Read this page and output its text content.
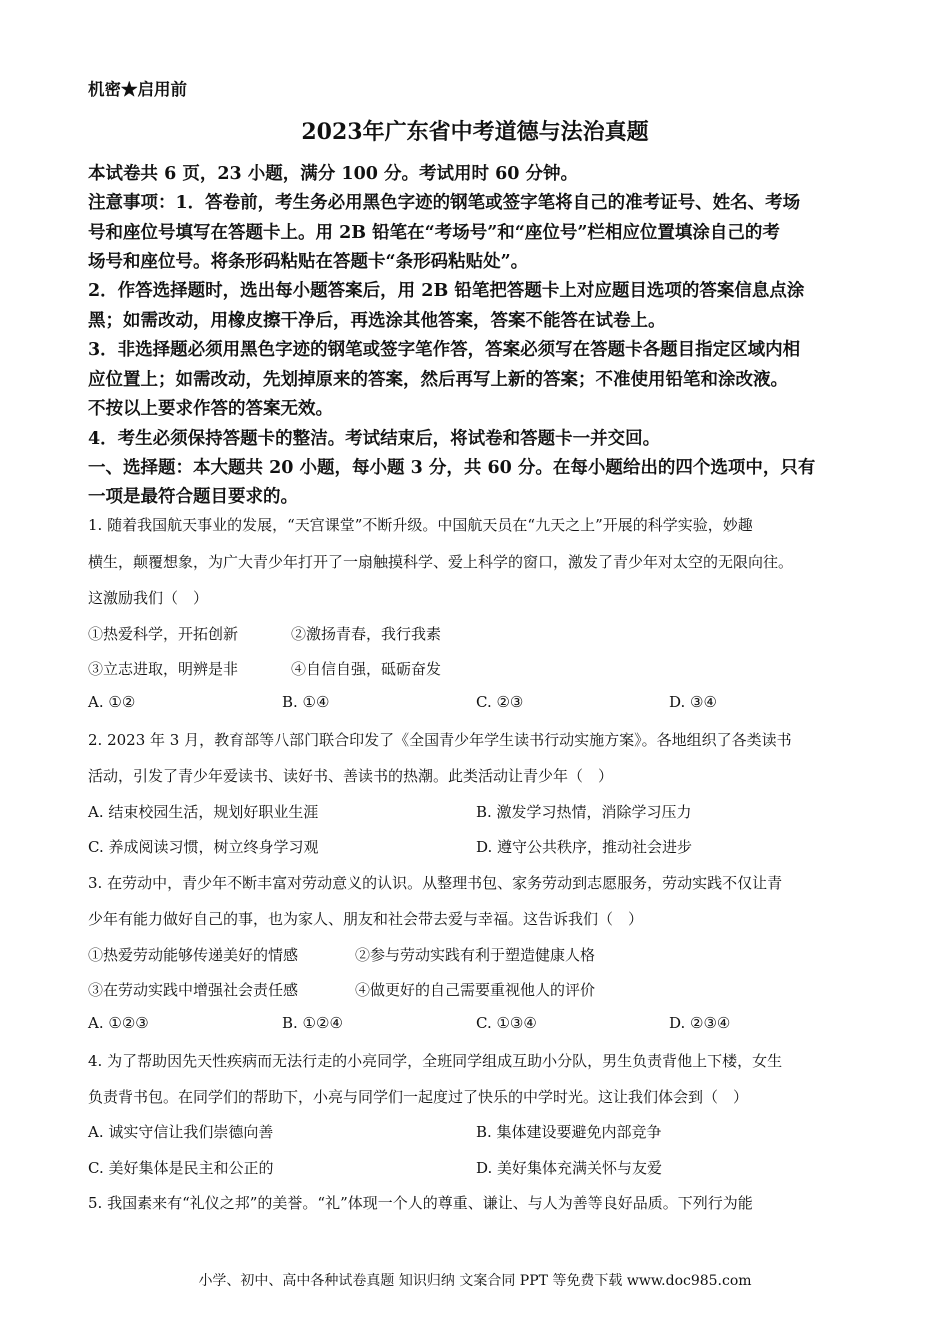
机密★启用前
2023年广东省中考道德与法治真题
本试卷共 6 页，23 小题，满分 100 分。考试用时 60 分钟。
注意事项：1．答卷前，考生务必用黑色字迹的钢笔或签字笔将自己的准考证号、姓名、考场
号和座位号填写在答题卡上。用 2B 铅笔在“考场号”和“座位号”栏相应位置填涂自己的考
场号和座位号。将条形码粘贴在答题卡“条形码粘贴处”。
2．作答选择题时，选出每小题答案后，用 2B 铅笔把答题卡上对应题目选项的答案信息点涂
黑；如需改动，用橡皮擦干净后，再选涂其他答案，答案不能答在试卷上。
3．非选择题必须用黑色字迹的钢笔或签字笔作答，答案必须写在答题卡各题目指定区域内相
应位置上；如需改动，先划掉原来的答案，然后再写上新的答案；不准使用铅笔和涂改液。
不按以上要求作答的答案无效。
4．考生必须保持答题卡的整洁。考试结束后，将试卷和答题卡一并交回。
一、选择题：本大题共 20 小题，每小题 3 分，共 60 分。在每小题给出的四个选项中，只有
一项是最符合题目要求的。
1. 随着我国航天事业的发展，“天宫课堂”不断升级。中国航天员在“九天之上”开展的科学实验，妙趣
横生，颠覆想象，为广大青少年打开了一扇触摸科学、爱上科学的窗口，激发了青少年对太空的无限向往。
这激励我们（　）
①热爱科学，开拓创新	②激扬青春，我行我素
③立志进取，明辨是非	④自信自强，砥砺奋发
A. ①②	B. ①④	C. ②③	D. ③④
2. 2023 年 3 月，教育部等八部门联合印发了《全国青少年学生读书行动实施方案》。各地组织了各类读书
活动，引发了青少年爱读书、读好书、善读书的热潮。此类活动让青少年（　）
A. 结束校园生活，规划好职业生涯	B. 激发学习热情，消除学习压力
C. 养成阅读习惯，树立终身学习观	D. 遵守公共秩序，推动社会进步
3. 在劳动中，青少年不断丰富对劳动意义的认识。从整理书包、家务劳动到志愿服务，劳动实践不仅让青
少年有能力做好自己的事，也为家人、朋友和社会带去爱与幸福。这告诉我们（　）
①热爱劳动能够传递美好的情感	②参与劳动实践有利于塑造健康人格
③在劳动实践中增强社会责任感	④做更好的自己需要重视他人的评价
A. ①②③	B. ①②④	C. ①③④	D. ②③④
4. 为了帮助因先天性疾病而无法行走的小亮同学，全班同学组成互助小分队，男生负责背他上下楼，女生
负责背书包。在同学们的帮助下，小亮与同学们一起度过了快乐的中学时光。这让我们体会到（　）
A. 诚实守信让我们崇德向善	B. 集体建设要避免内部竞争
C. 美好集体是民主和公正的	D. 美好集体充满关怀与友爱
5. 我国素来有“礼仪之邦”的美誉。“礼”体现一个人的尊重、谦让、与人为善等良好品质。下列行为能
小学、初中、高中各种试卷真题 知识归纳 文案合同 PPT 等免费下载 www.doc985.com
